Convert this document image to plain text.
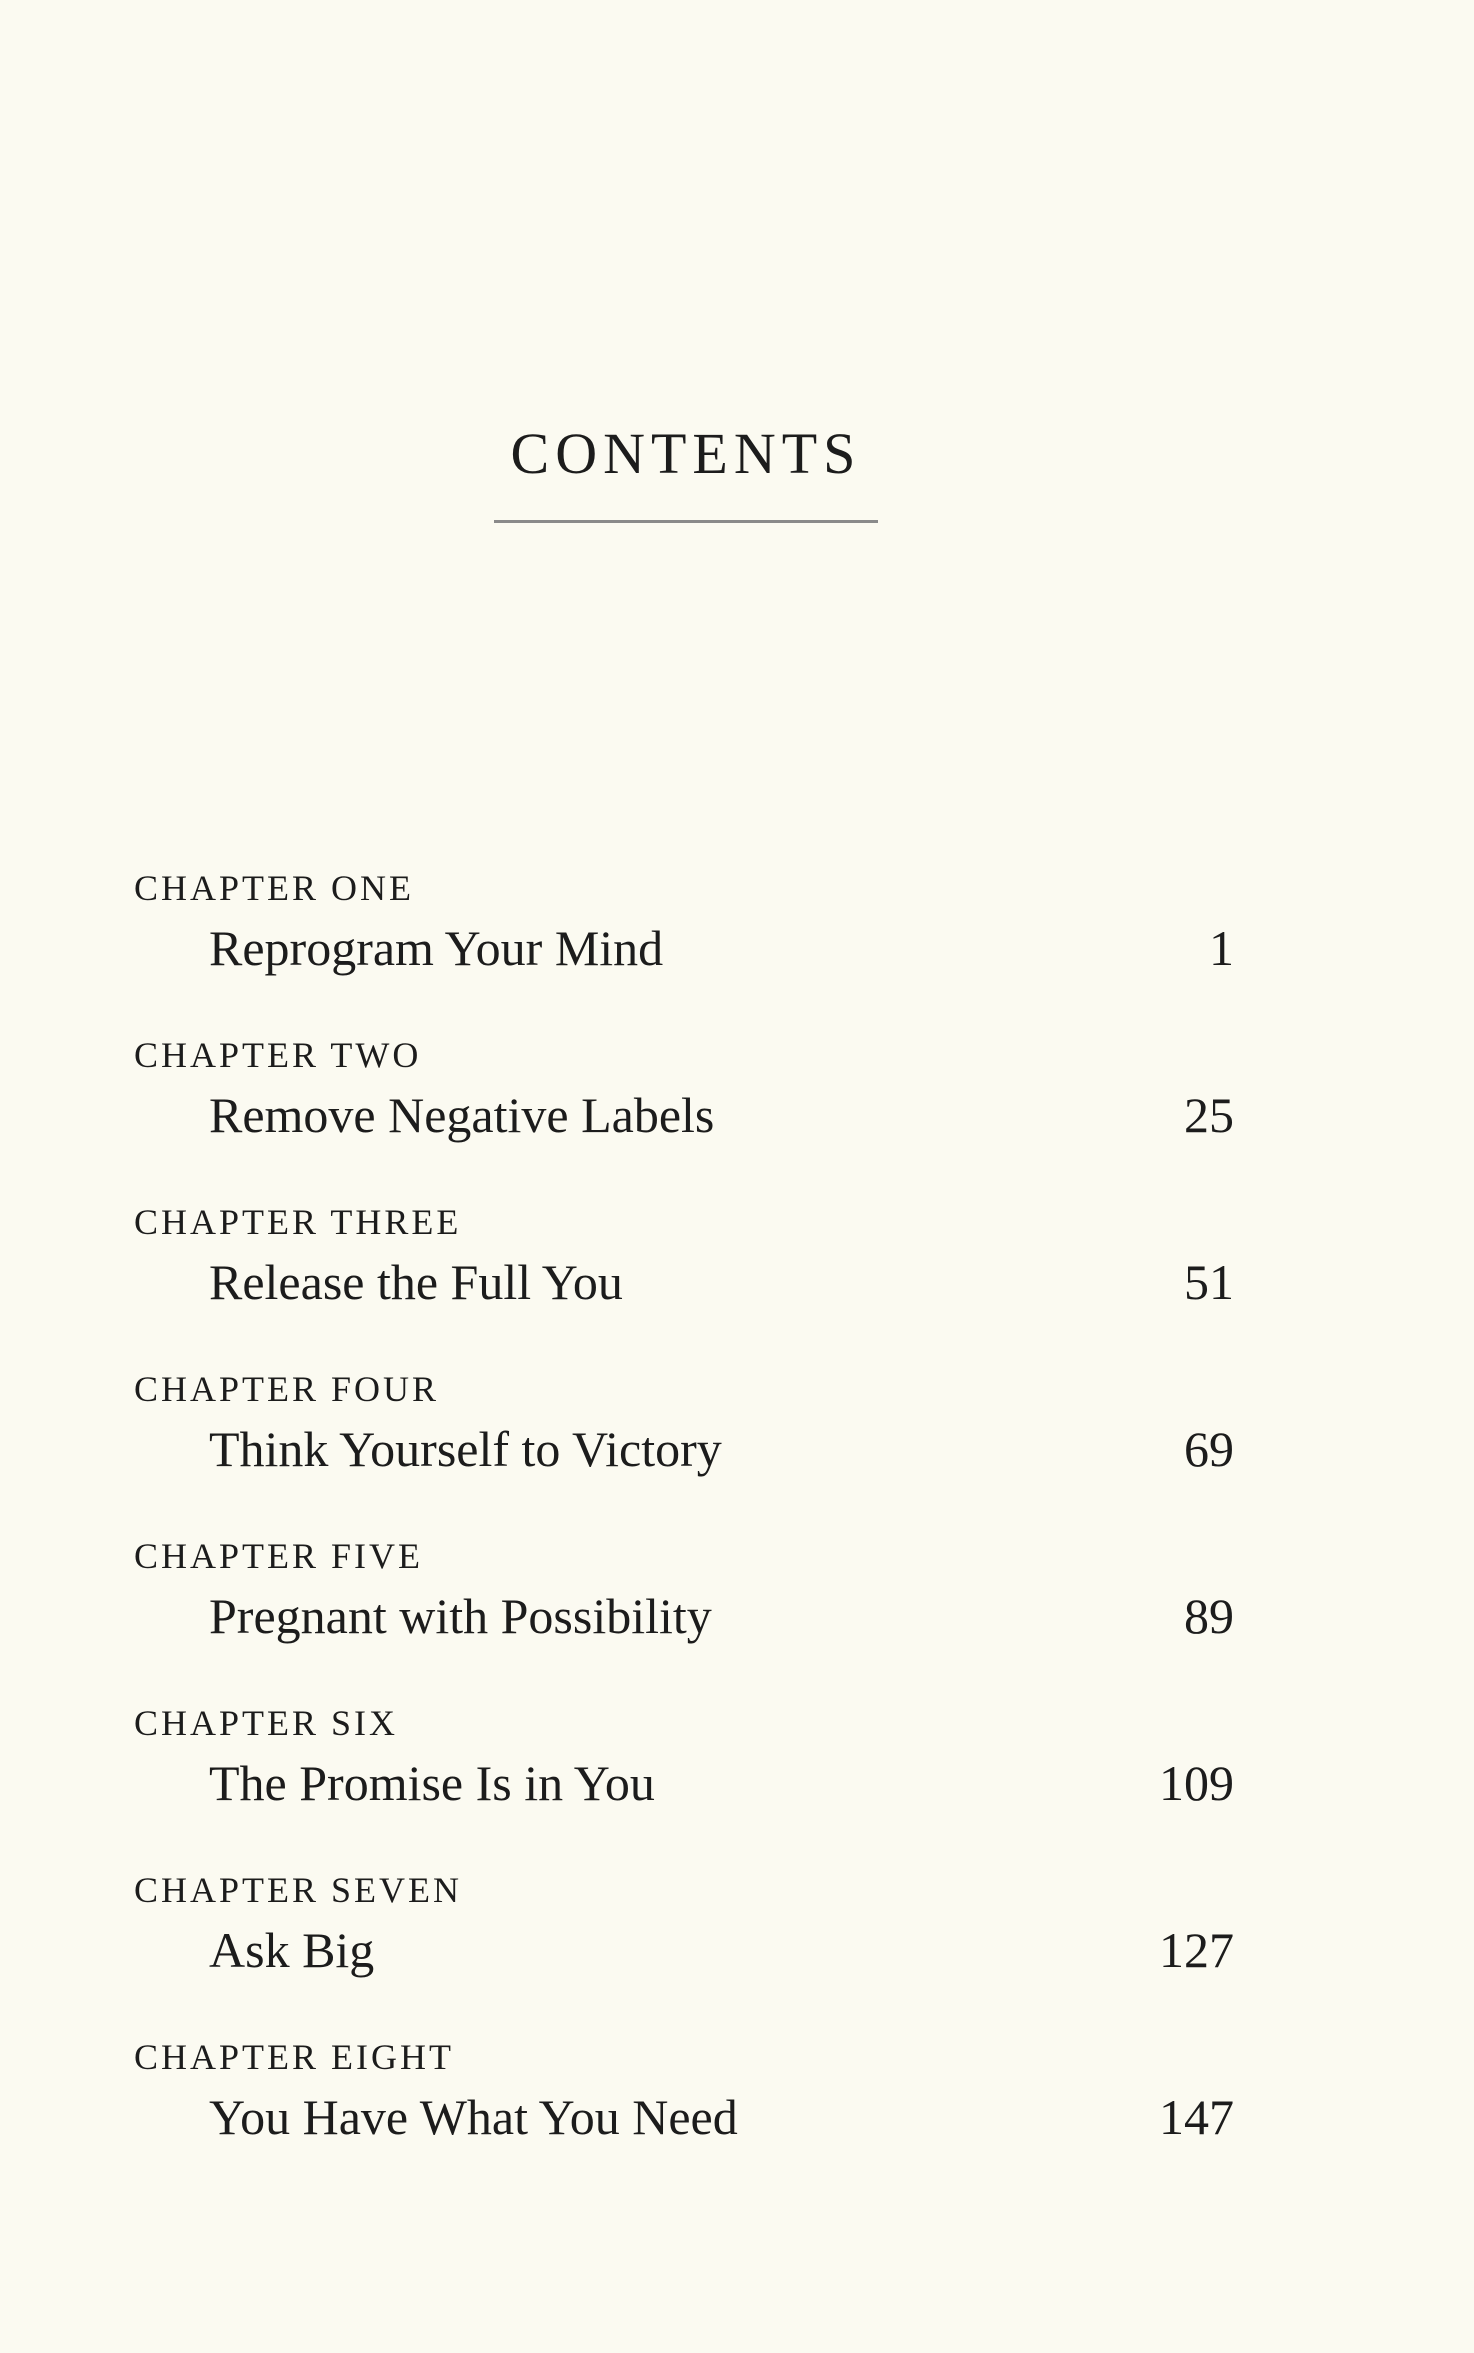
CONTENTS
CHAPTER ONE
Reprogram Your Mind	1
CHAPTER TWO
Remove Negative Labels	25
CHAPTER THREE
Release the Full You	51
CHAPTER FOUR
Think Yourself to Victory	69
CHAPTER FIVE
Pregnant with Possibility	89
CHAPTER SIX
The Promise Is in You	109
CHAPTER SEVEN
Ask Big	127
CHAPTER EIGHT
You Have What You Need	147
